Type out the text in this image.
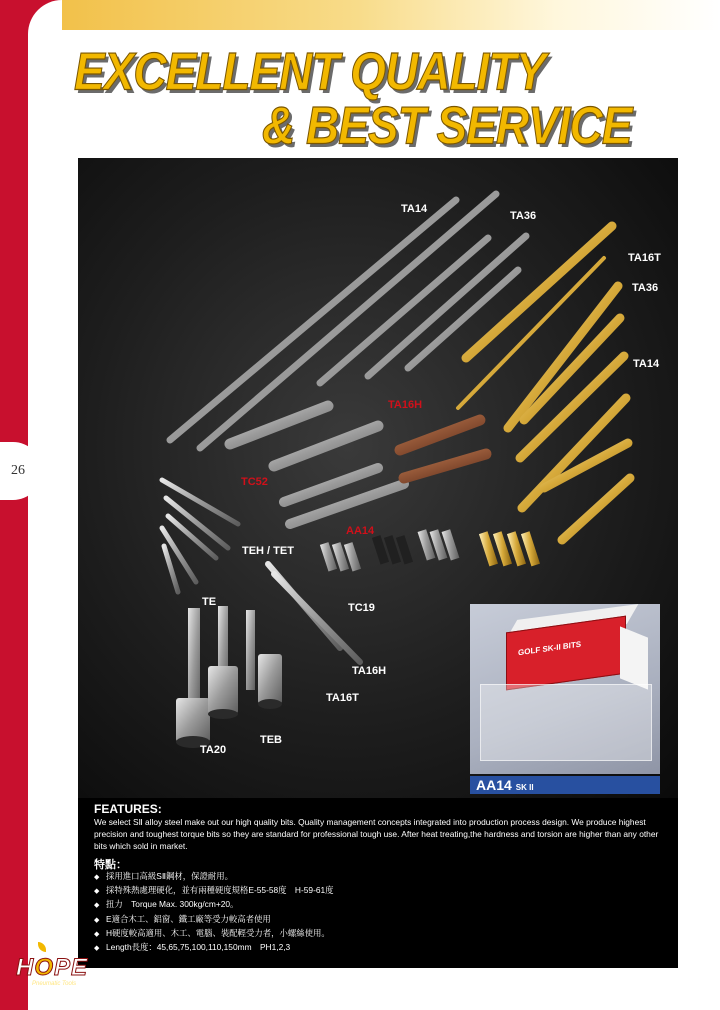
Professional Air Tools
26
EXCELLENT QUALITY
& BEST SERVICE
TA14
TA36
TA16T
TA36
TA14
TA16H
TC52
AA14
TEH / TET
TE	TC19
TA16H
TA16T
TEB
TA20
GOLF SK-II BITS
AA14 SK II
FEATURES:
We select SⅡ alloy steel make out our high quality bits. Quality management concepts integrated into production process design. We produce highest precision and toughest torque bits so they are standard for professional tough use. After heat treating,the hardness and torsion are higher than any other bits which sold in market.
特點：
◆ 採用進口高級SⅡ鋼材，保證耐用。
◆ 採特殊熱處理硬化，並有兩種硬度規格E-55-58度　H-59-61度
◆ 扭力　Torque Max. 300kg/cm+20。
◆ E適合木工、鋁窗、鐵工廠等受力較高者使用
◆ H硬度較高適用、木工、電腦、裝配輕受力者，小螺絲使用。
◆ Length長度：45,65,75,100,110,150mm　PH1,2,3
HOPE
Pneumatic Tools
